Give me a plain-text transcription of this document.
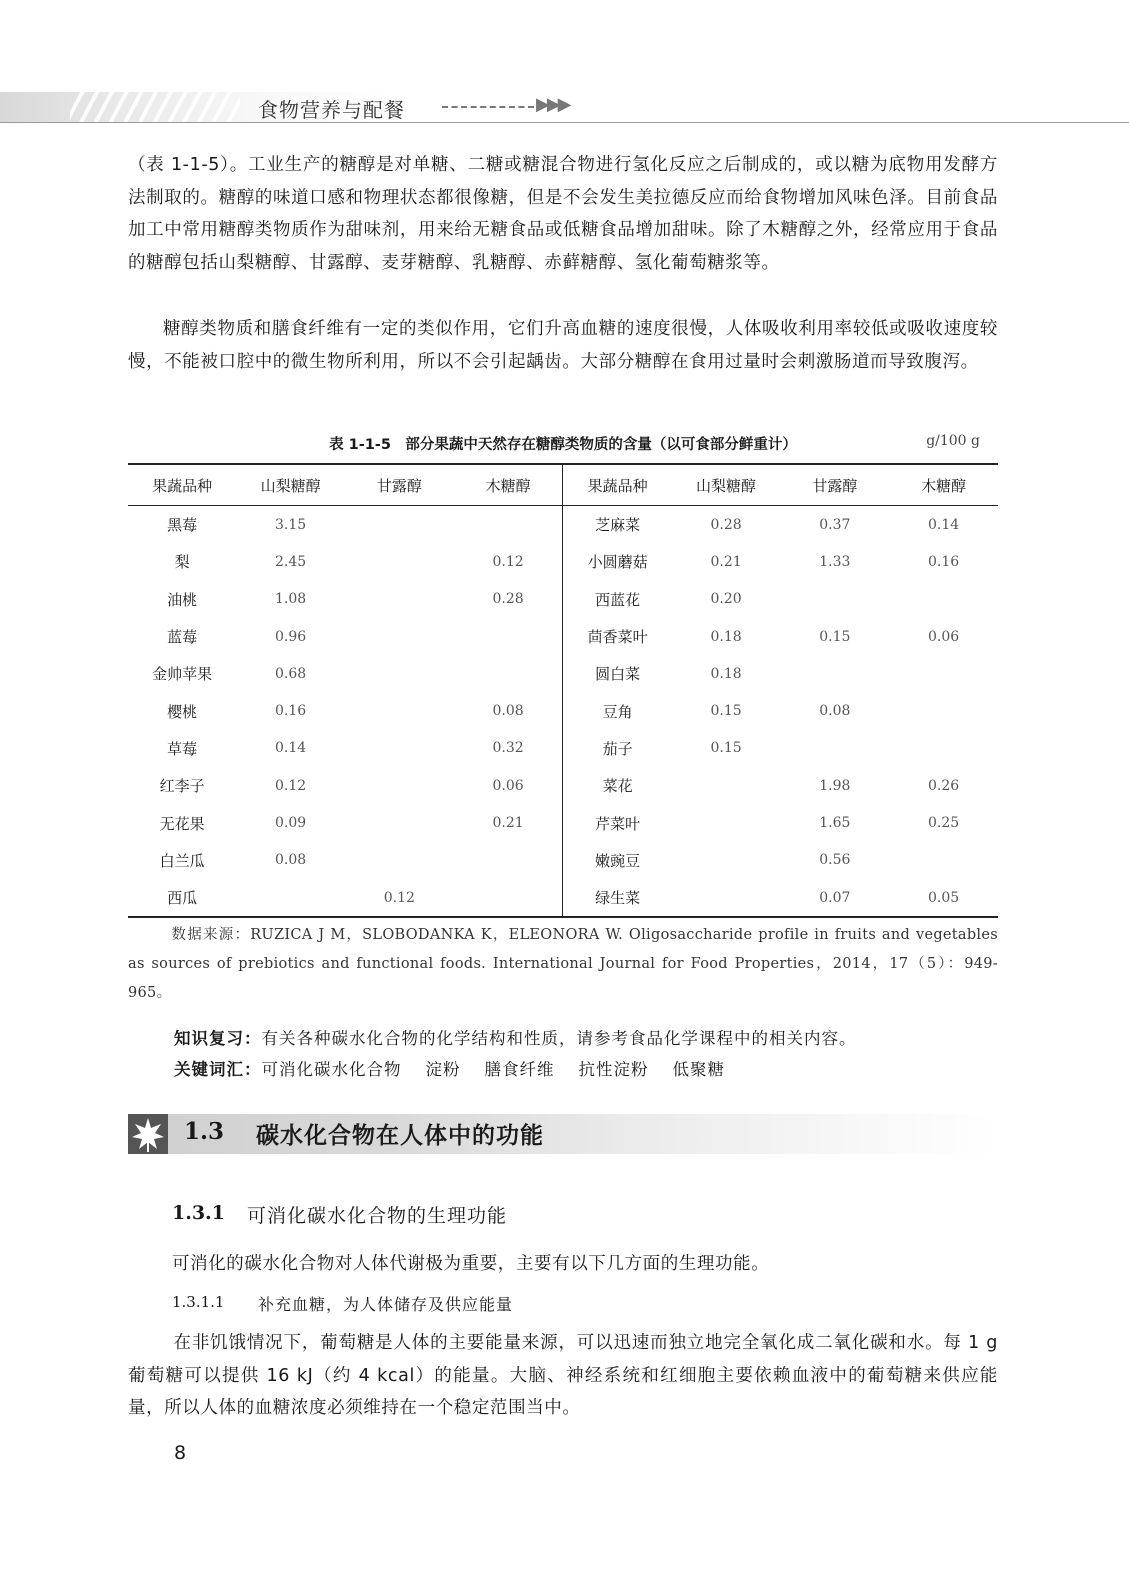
食物营养与配餐	▶▶▶
（表 1-1-5）。工业生产的糖醇是对单糖、二糖或糖混合物进行氢化反应之后制成的，或以糖为底物用发酵方法制取的。糖醇的味道口感和物理状态都很像糖，但是不会发生美拉德反应而给食物增加风味色泽。目前食品加工中常用糖醇类物质作为甜味剂，用来给无糖食品或低糖食品增加甜味。除了木糖醇之外，经常应用于食品的糖醇包括山梨糖醇、甘露醇、麦芽糖醇、乳糖醇、赤藓糖醇、氢化葡萄糖浆等。
糖醇类物质和膳食纤维有一定的类似作用，它们升高血糖的速度很慢，人体吸收利用率较低或吸收速度较慢，不能被口腔中的微生物所利用，所以不会引起龋齿。大部分糖醇在食用过量时会刺激肠道而导致腹泻。
表 1-1-5　部分果蔬中天然存在糖醇类物质的含量（以可食部分鲜重计）	g/100 g
果蔬品种	山梨糖醇	甘露醇	木糖醇	果蔬品种	山梨糖醇	甘露醇	木糖醇
黑莓	3.15			芝麻菜	0.28	0.37	0.14
梨	2.45		0.12	小圆蘑菇	0.21	1.33	0.16
油桃	1.08		0.28	西蓝花	0.20		
蓝莓	0.96			茴香菜叶	0.18	0.15	0.06
金帅苹果	0.68			圆白菜	0.18		
樱桃	0.16		0.08	豆角	0.15	0.08	
草莓	0.14		0.32	茄子	0.15		
红李子	0.12		0.06	菜花		1.98	0.26
无花果	0.09		0.21	芹菜叶		1.65	0.25
白兰瓜	0.08			嫩豌豆		0.56	
西瓜		0.12		绿生菜		0.07	0.05
数据来源：RUZICA J M，SLOBODANKA K，ELEONORA W. Oligosaccharide profile in fruits and vegetables as sources of prebiotics and functional foods. International Journal for Food Properties，2014，17（5）：949-965。
知识复习：有关各种碳水化合物的化学结构和性质，请参考食品化学课程中的相关内容。
关键词汇：可消化碳水化合物 淀粉 膳食纤维 抗性淀粉 低聚糖
1.3 碳水化合物在人体中的功能
1.3.1 可消化碳水化合物的生理功能
可消化的碳水化合物对人体代谢极为重要，主要有以下几方面的生理功能。
1.3.1.1 补充血糖，为人体储存及供应能量
在非饥饿情况下，葡萄糖是人体的主要能量来源，可以迅速而独立地完全氧化成二氧化碳和水。每 1 g 葡萄糖可以提供 16 kJ（约 4 kcal）的能量。大脑、神经系统和红细胞主要依赖血液中的葡萄糖来供应能量，所以人体的血糖浓度必须维持在一个稳定范围当中。
8
